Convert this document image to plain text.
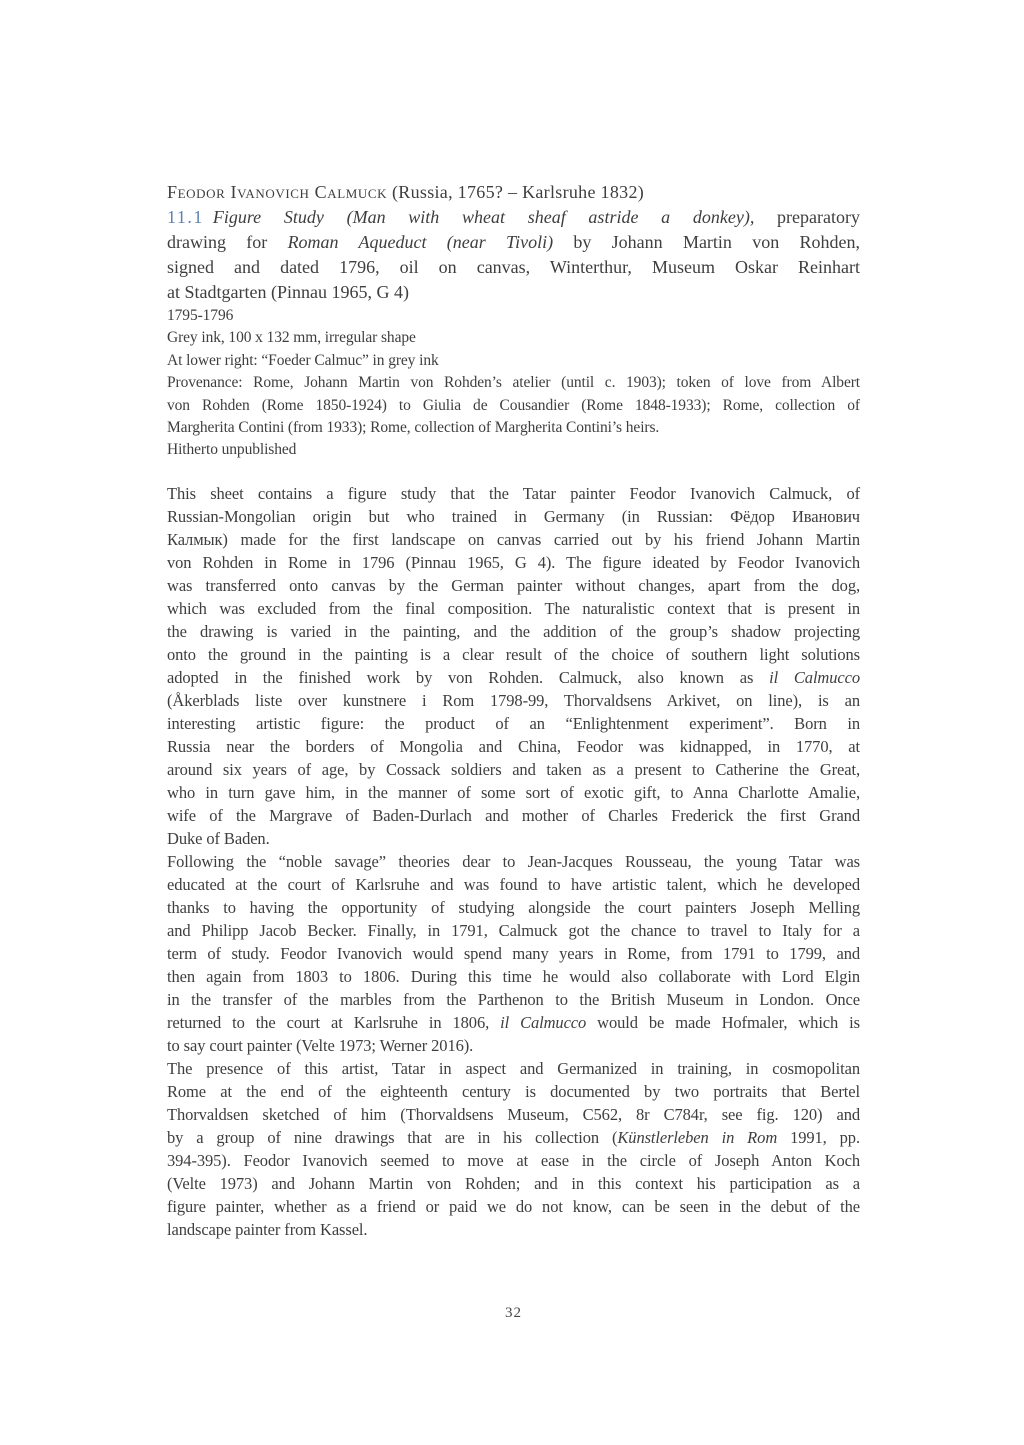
Feodor Ivanovich Calmuck (Russia, 1765? – Karlsruhe 1832)
11.1 Figure Study (Man with wheat sheaf astride a donkey), preparatory
drawing for Roman Aqueduct (near Tivoli) by Johann Martin von Rohden,
signed and dated 1796, oil on canvas, Winterthur, Museum Oskar Reinhart
at Stadtgarten (Pinnau 1965, G 4)
1795-1796
Grey ink, 100 x 132 mm, irregular shape
At lower right: “Foeder Calmuc” in grey ink
Provenance: Rome, Johann Martin von Rohden’s atelier (until c. 1903); token of love from Albert
von Rohden (Rome 1850-1924) to Giulia de Cousandier (Rome 1848-1933); Rome, collection of
Margherita Contini (from 1933); Rome, collection of Margherita Contini’s heirs.
Hitherto unpublished
This sheet contains a figure study that the Tatar painter Feodor Ivanovich Calmuck, of
Russian-Mongolian origin but who trained in Germany (in Russian: Фёдор Иванович
Калмык) made for the first landscape on canvas carried out by his friend Johann Martin
von Rohden in Rome in 1796 (Pinnau 1965, G 4). The figure ideated by Feodor Ivanovich
was transferred onto canvas by the German painter without changes, apart from the dog,
which was excluded from the final composition. The naturalistic context that is present in
the drawing is varied in the painting, and the addition of the group’s shadow projecting
onto the ground in the painting is a clear result of the choice of southern light solutions
adopted in the finished work by von Rohden. Calmuck, also known as il Calmucco
(Åkerblads liste over kunstnere i Rom 1798-99, Thorvaldsens Arkivet, on line), is an
interesting artistic figure: the product of an “Enlightenment experiment”. Born in
Russia near the borders of Mongolia and China, Feodor was kidnapped, in 1770, at
around six years of age, by Cossack soldiers and taken as a present to Catherine the Great,
who in turn gave him, in the manner of some sort of exotic gift, to Anna Charlotte Amalie,
wife of the Margrave of Baden-Durlach and mother of Charles Frederick the first Grand
Duke of Baden.
Following the “noble savage” theories dear to Jean-Jacques Rousseau, the young Tatar was
educated at the court of Karlsruhe and was found to have artistic talent, which he developed
thanks to having the opportunity of studying alongside the court painters Joseph Melling
and Philipp Jacob Becker. Finally, in 1791, Calmuck got the chance to travel to Italy for a
term of study. Feodor Ivanovich would spend many years in Rome, from 1791 to 1799, and
then again from 1803 to 1806. During this time he would also collaborate with Lord Elgin
in the transfer of the marbles from the Parthenon to the British Museum in London. Once
returned to the court at Karlsruhe in 1806, il Calmucco would be made Hofmaler, which is
to say court painter (Velte 1973; Werner 2016).
The presence of this artist, Tatar in aspect and Germanized in training, in cosmopolitan
Rome at the end of the eighteenth century is documented by two portraits that Bertel
Thorvaldsen sketched of him (Thorvaldsens Museum, C562, 8r C784r, see fig. 120) and
by a group of nine drawings that are in his collection (Künstlerleben in Rom 1991, pp.
394-395). Feodor Ivanovich seemed to move at ease in the circle of Joseph Anton Koch
(Velte 1973) and Johann Martin von Rohden; and in this context his participation as a
figure painter, whether as a friend or paid we do not know, can be seen in the debut of the
landscape painter from Kassel.
32
